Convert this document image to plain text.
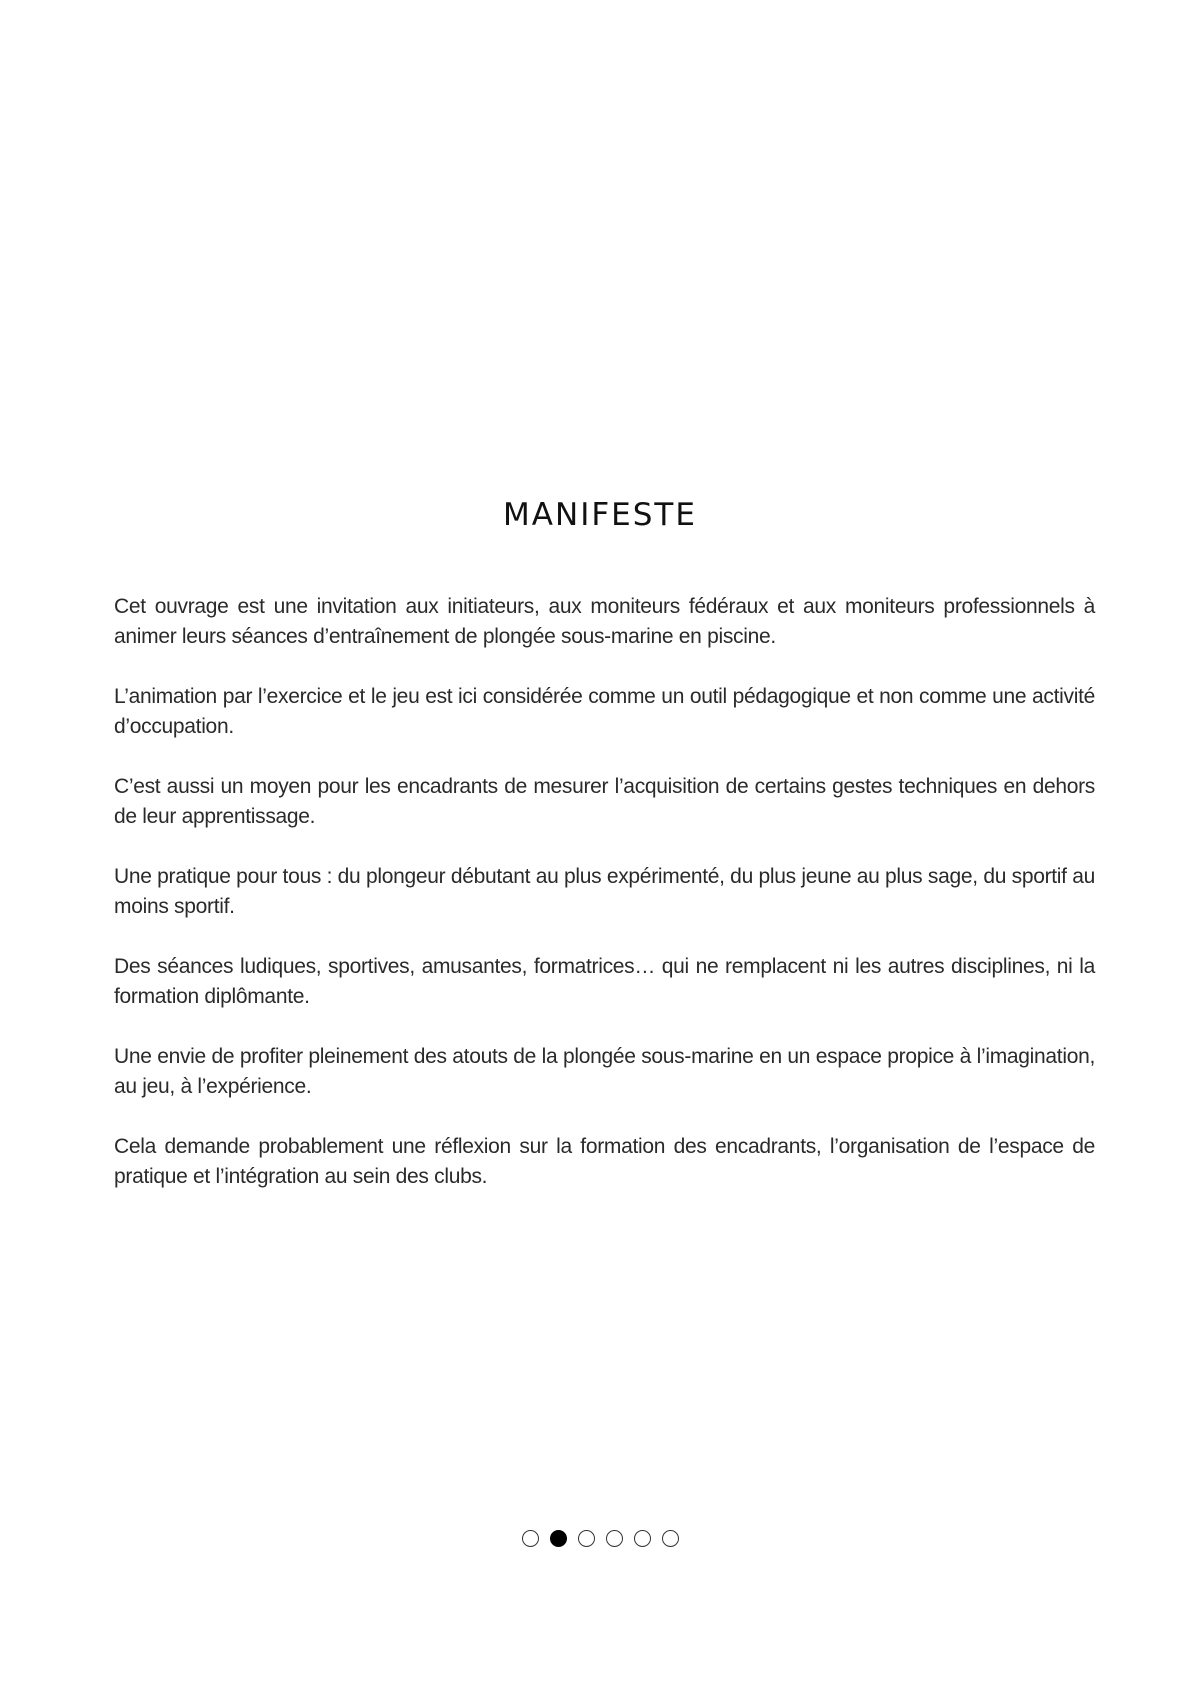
MANIFESTE

Cet ouvrage est une invitation aux initiateurs, aux moniteurs fédéraux et aux moniteurs professionnels à animer leurs séances d’entraînement de plongée sous-marine en piscine.

L’animation par l’exercice et le jeu est ici considérée comme un outil pédagogique et non comme une activité d’occupation.

C’est aussi un moyen pour les encadrants de mesurer l’acquisition de certains gestes techniques en dehors de leur apprentissage.

Une pratique pour tous : du plongeur débutant au plus expérimenté, du plus jeune au plus sage, du sportif au moins sportif.

Des séances ludiques, sportives, amusantes, formatrices… qui ne remplacent ni les autres disciplines, ni la formation diplômante.

Une envie de profiter pleinement des atouts de la plongée sous-marine en un espace propice à l’imagination, au jeu, à l’expérience.

Cela demande probablement une réflexion sur la formation des encadrants, l’organisation de l’espace de pratique et l’intégration au sein des clubs.
